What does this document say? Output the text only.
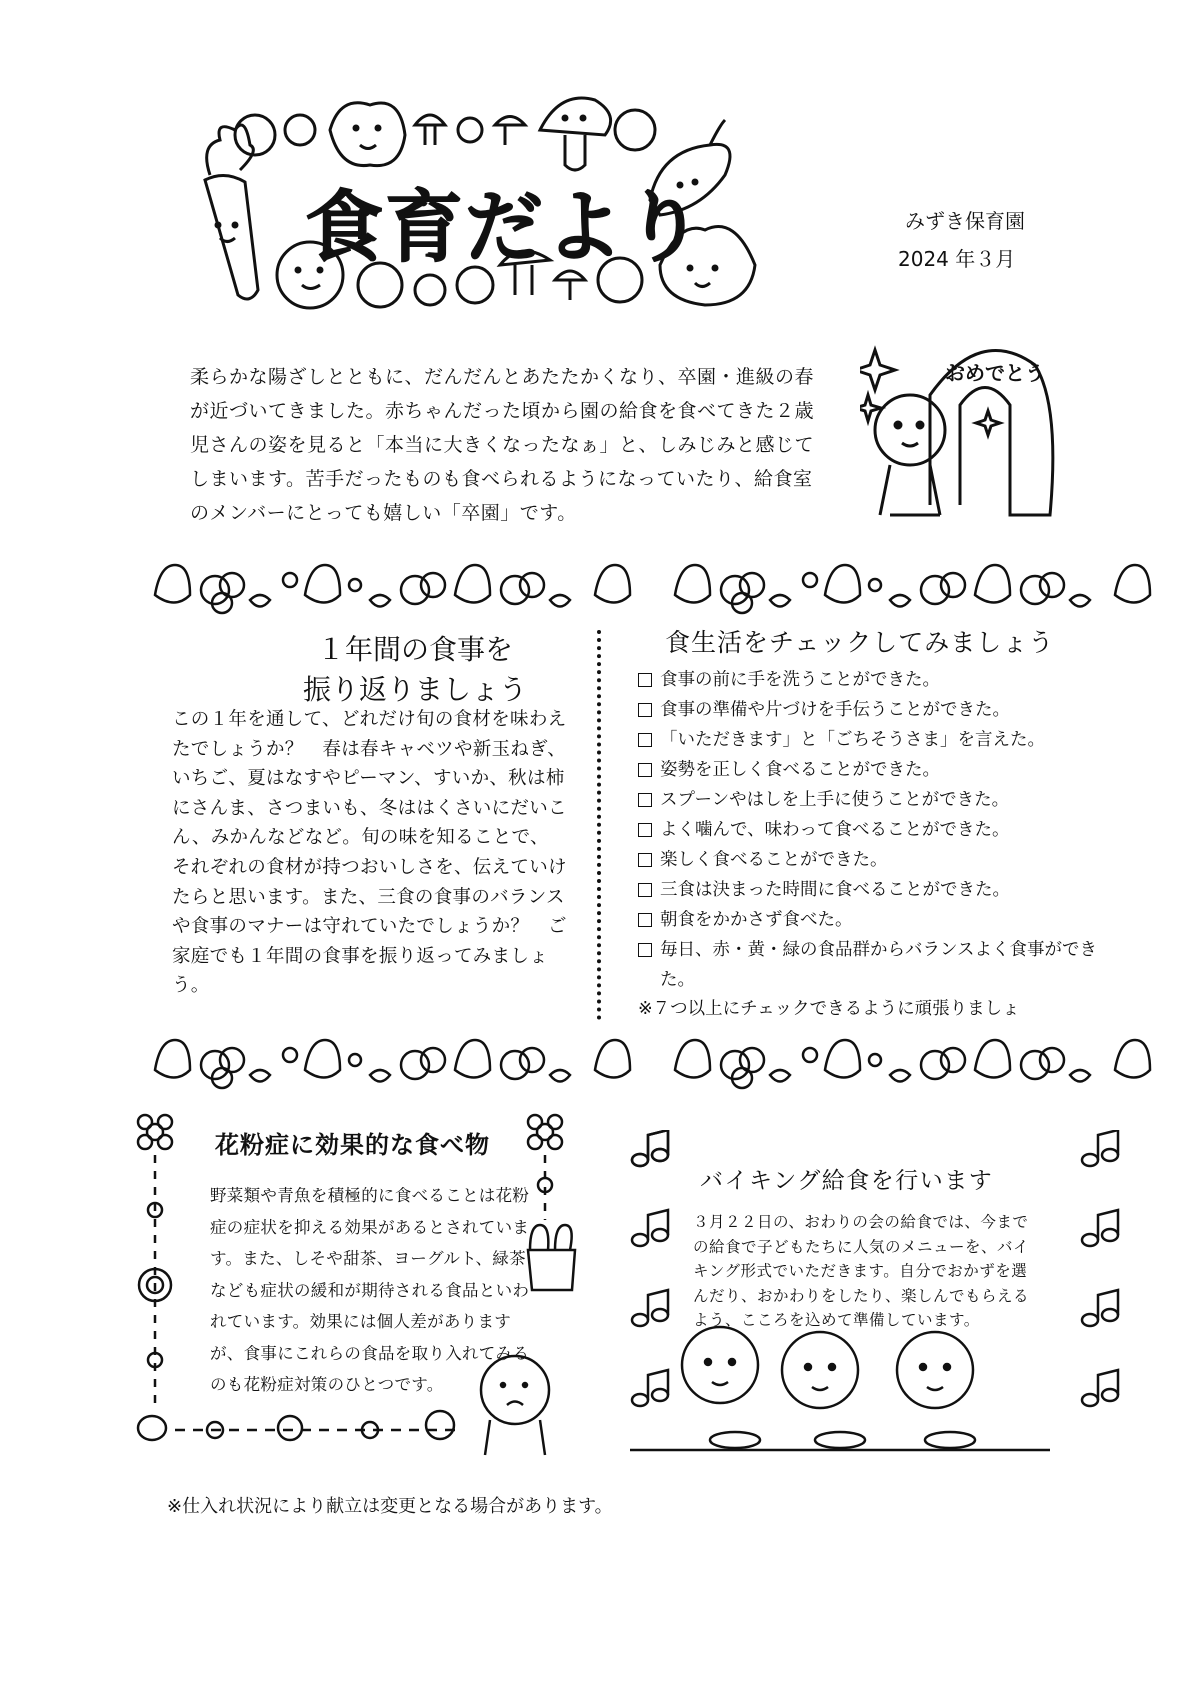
食育だより	みずき保育園
2024 年３月
柔らかな陽ざしとともに、だんだんとあたたかくなり、卒園・進級の春が近づいてきました。赤ちゃんだった頃から園の給食を食べてきた２歳児さんの姿を見ると「本当に大きくなったなぁ」と、しみじみと感じてしまいます。苦手だったものも食べられるようになっていたり、給食室のメンバーにとっても嬉しい「卒園」です。
おめでとう
１年間の食事を
振り返りましょう
この１年を通して、どれだけ旬の食材を味わえたでしょうか？　春は春キャベツや新玉ねぎ、いちご、夏はなすやピーマン、すいか、秋は柿にさんま、さつまいも、冬ははくさいにだいこん、みかんなどなど。旬の味を知ることで、それぞれの食材が持つおいしさを、伝えていけたらと思います。また、三食の食事のバランスや食事のマナーは守れていたでしょうか？　ご家庭でも１年間の食事を振り返ってみましょう。
食生活をチェックしてみましょう
食事の前に手を洗うことができた。
食事の準備や片づけを手伝うことができた。
「いただきます」と「ごちそうさま」を言えた。
姿勢を正しく食べることができた。
スプーンやはしを上手に使うことができた。
よく噛んで、味わって食べることができた。
楽しく食べることができた。
三食は決まった時間に食べることができた。
朝食をかかさず食べた。
毎日、赤・黄・緑の食品群からバランスよく食事ができた。
※７つ以上にチェックできるように頑張りましょ
花粉症に効果的な食べ物
野菜類や青魚を積極的に食べることは花粉症の症状を抑える効果があるとされています。また、しそや甜茶、ヨーグルト、緑茶なども症状の緩和が期待される食品といわれています。効果には個人差がありますが、食事にこれらの食品を取り入れてみるのも花粉症対策のひとつです。
バイキング給食を行います
３月２２日の、おわりの会の給食では、今までの給食で子どもたちに人気のメニューを、バイキング形式でいただきます。自分でおかずを選んだり、おかわりをしたり、楽しんでもらえるよう、こころを込めて準備しています。
※仕入れ状況により献立は変更となる場合があります。
